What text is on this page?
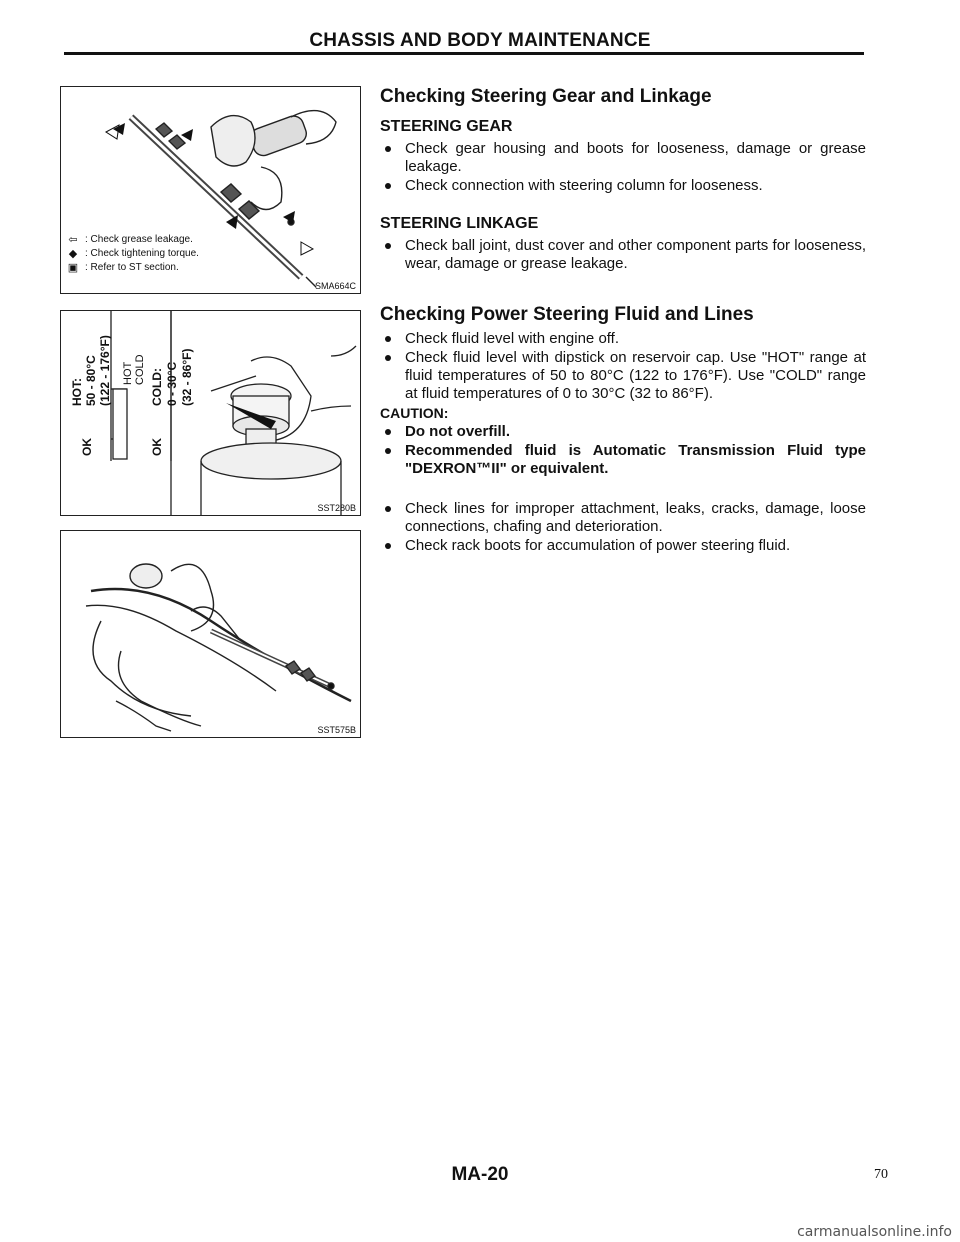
CHASSIS AND BODY MAINTENANCE
⇦ : Check grease leakage.
◆ : Check tightening torque.
▣ : Refer to ST section.
SMA664C
HOT: 50 - 80°C (122 - 176°F)
OK
HOT COLD COLD: 0 - 30°C (32 - 86°F)
OK
SST280B
SST575B
Checking Steering Gear and Linkage
STEERING GEAR
Check gear housing and boots for looseness, damage or grease leakage.
Check connection with steering column for looseness.
STEERING LINKAGE
Check ball joint, dust cover and other component parts for looseness, wear, damage or grease leakage.
Checking Power Steering Fluid and Lines
Check fluid level with engine off.
Check fluid level with dipstick on reservoir cap. Use "HOT" range at fluid temperatures of 50 to 80°C (122 to 176°F). Use "COLD" range at fluid temperatures of 0 to 30°C (32 to 86°F).
CAUTION:
Do not overfill.
Recommended fluid is Automatic Transmission Fluid type "DEXRON™II" or equivalent.
Check lines for improper attachment, leaks, cracks, damage, loose connections, chafing and deterioration.
Check rack boots for accumulation of power steering fluid.
MA-20	70
carmanualsonline.info
